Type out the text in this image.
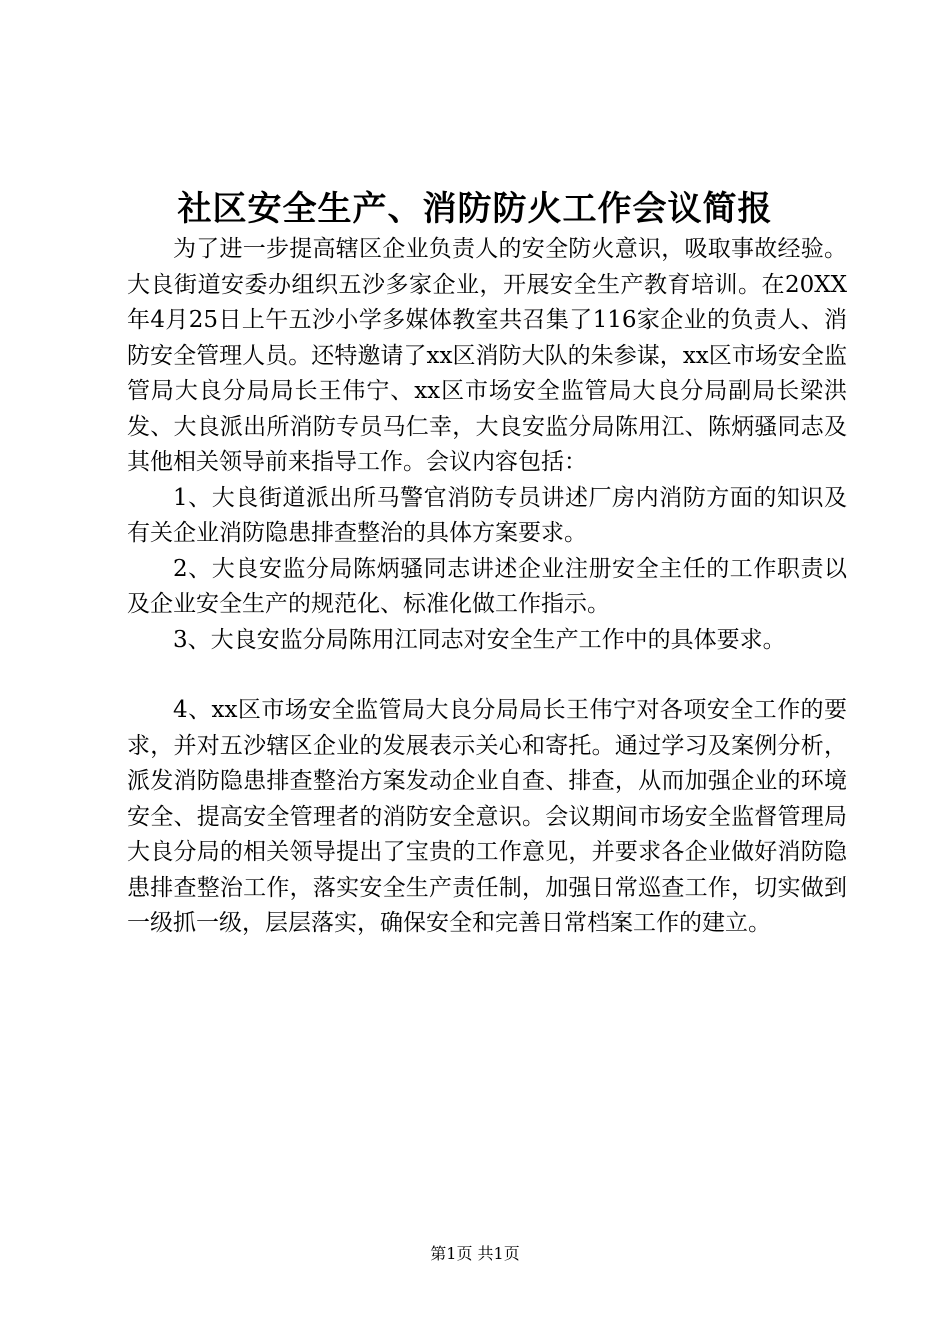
社区安全生产、消防防火工作会议简报

为了进一步提高辖区企业负责人的安全防火意识，吸取事故经验。大良街道安委办组织五沙多家企业，开展安全生产教育培训。在20XX年4月25日上午五沙小学多媒体教室共召集了116家企业的负责人、消防安全管理人员。还特邀请了xx区消防大队的朱参谋，xx区市场安全监管局大良分局局长王伟宁、xx区市场安全监管局大良分局副局长梁洪发、大良派出所消防专员马仁幸，大良安监分局陈用江、陈炳骚同志及其他相关领导前来指导工作。会议内容包括：

1、大良街道派出所马警官消防专员讲述厂房内消防方面的知识及有关企业消防隐患排查整治的具体方案要求。

2、大良安监分局陈炳骚同志讲述企业注册安全主任的工作职责以及企业安全生产的规范化、标准化做工作指示。

3、大良安监分局陈用江同志对安全生产工作中的具体要求。

4、xx区市场安全监管局大良分局局长王伟宁对各项安全工作的要求，并对五沙辖区企业的发展表示关心和寄托。通过学习及案例分析，派发消防隐患排查整治方案发动企业自查、排查，从而加强企业的环境安全、提高安全管理者的消防安全意识。会议期间市场安全监督管理局大良分局的相关领导提出了宝贵的工作意见，并要求各企业做好消防隐患排查整治工作，落实安全生产责任制，加强日常巡查工作，切实做到一级抓一级，层层落实，确保安全和完善日常档案工作的建立。

第1页 共1页
